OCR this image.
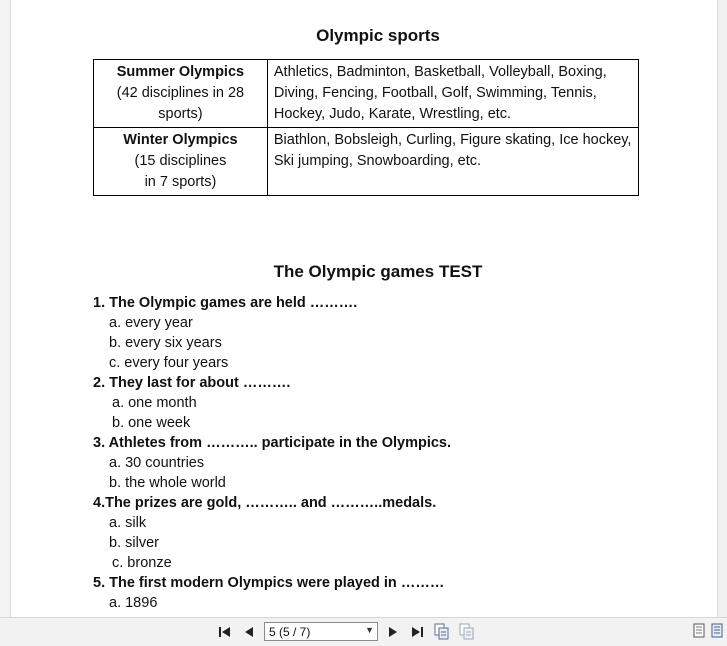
Olympic sports
Summer Olympics
(42 disciplines in 28
sports)	Athletics, Badminton, Basketball, Volleyball, Boxing, Diving, Fencing, Football, Golf, Swimming, Tennis, Hockey, Judo, Karate, Wrestling, etc.

Winter Olympics
(15 disciplines
in 7 sports)	Biathlon, Bobsleigh, Curling, Figure skating, Ice hockey, Ski jumping, Snowboarding, etc.
The Olympic games TEST
1. The Olympic games are held ……….
a. every year
b. every six years
c. every four years
2. They last for about ……….
a. one month
b. one week
3. Athletes from ……….. participate in the Olympics.
a. 30 countries
b. the whole world
4.The prizes are gold, ……….. and ………..medals.
a. silk
b. silver
c. bronze
5. The first modern Olympics were played in ………
a. 1896
5 (5 / 7)	▼
